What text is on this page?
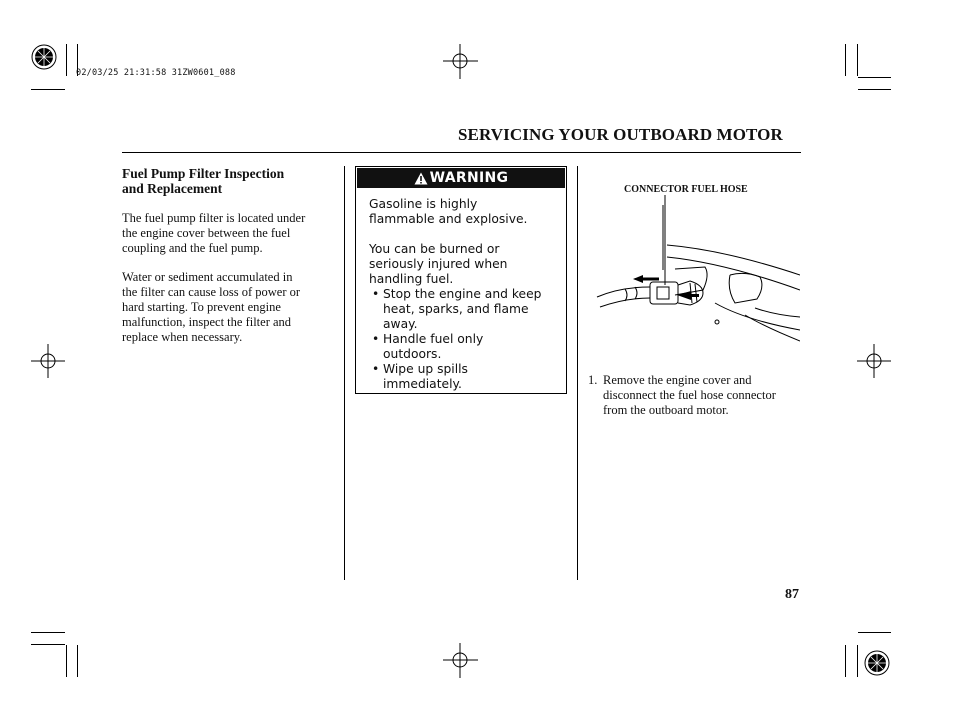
02/03/25 21:31:58 31ZW0601_088
SERVICING YOUR OUTBOARD MOTOR
Fuel Pump Filter Inspection
and Replacement
The fuel pump filter is located under
the engine cover between the fuel
coupling and the fuel pump.
Water or sediment accumulated in
the filter can cause loss of power or
hard starting. To prevent engine
malfunction, inspect the filter and
replace when necessary.
WARNING

Gasoline is highly
flammable and explosive.

You can be burned or
seriously injured when
handling fuel.

• Stop the engine and keep
heat, sparks, and flame
away.
• Handle fuel only
outdoors.
• Wipe up spills
immediately.
CONNECTOR FUEL HOSE
1. Remove the engine cover and
disconnect the fuel hose connector
from the outboard motor.
87
